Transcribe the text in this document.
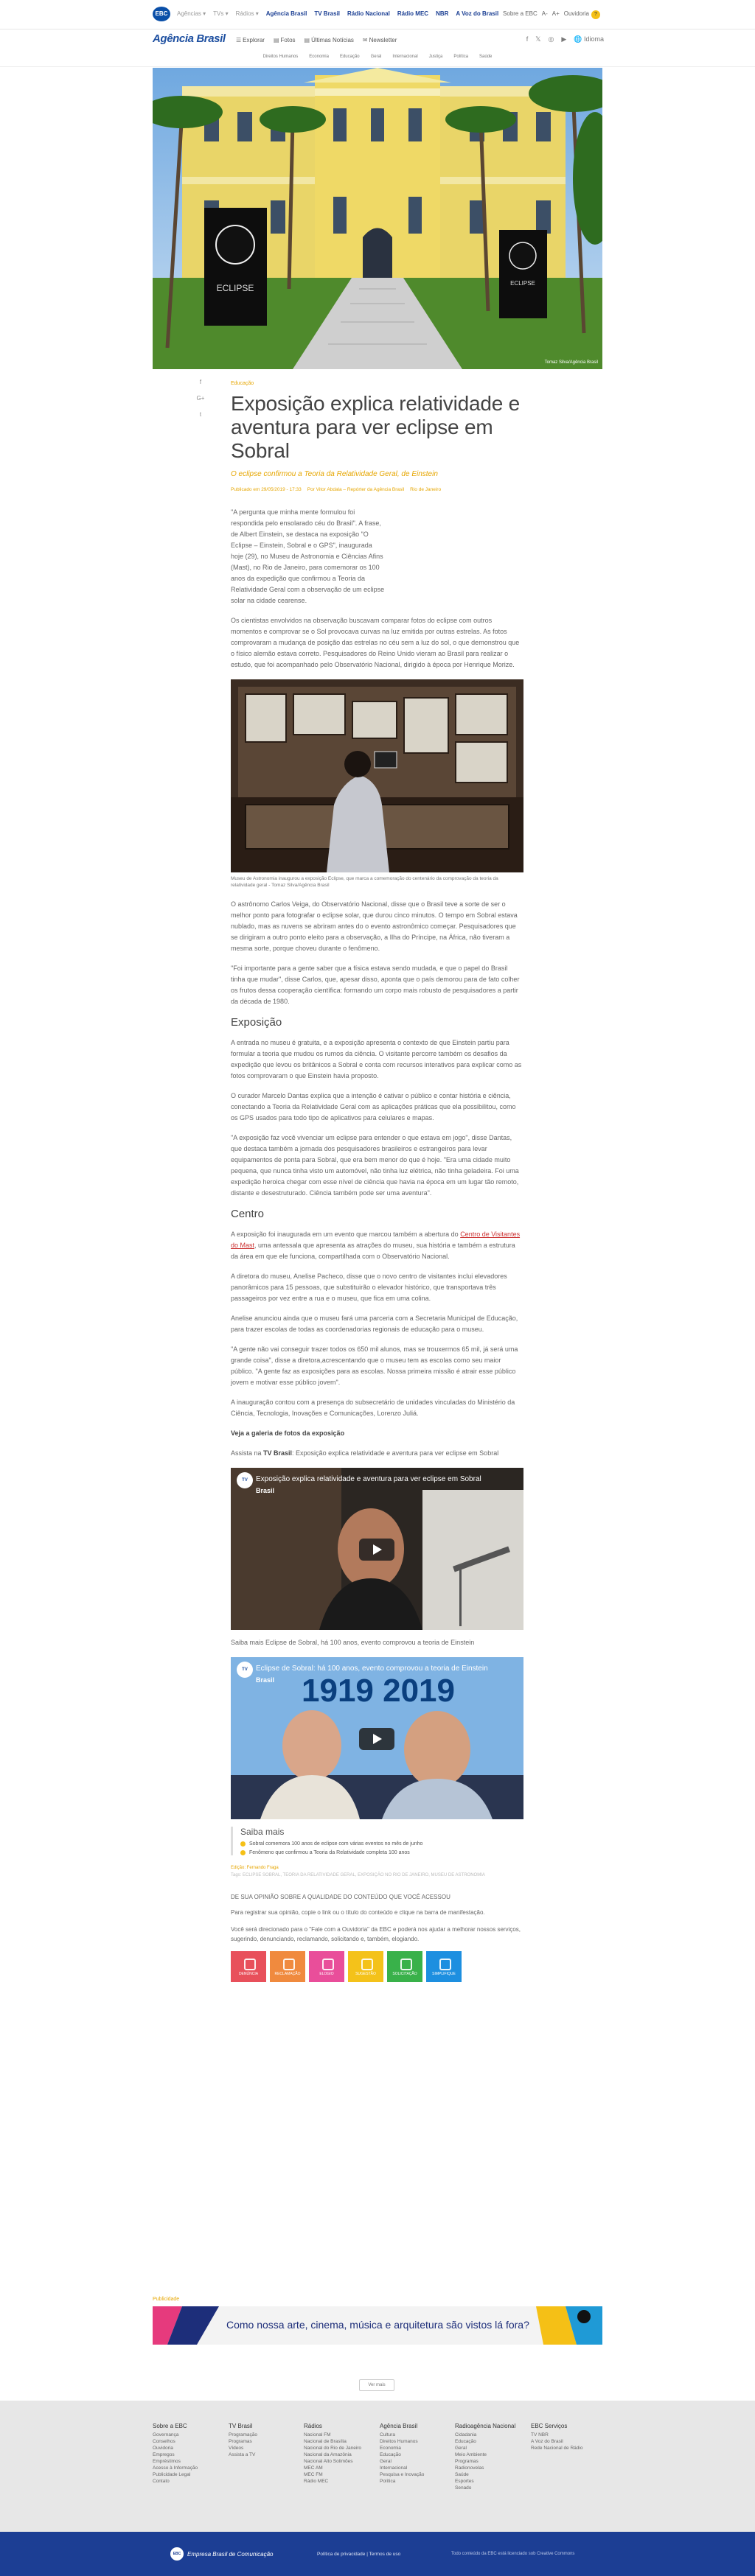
EBC	Agências ▾ TVs ▾ Rádios ▾ Agência Brasil TV Brasil Rádio Nacional Rádio MEC NBR A Voz do Brasil Sobre a EBC A- A+ Ouvidoria ?
Agência Brasil ☰ Explorar ▤ Fotos ▤ Últimas Notícias ✉ Newsletter	f 𝕏 ◎ ▶ 🌐 Idioma
Direitos Humanos	Economia	Educação	Geral	Internacional	Justiça	Política	Saúde
ECLIPSE	ECLIPSE
Tomaz Silva/Agência Brasil
f
G+
t
Educação
Exposição explica relatividade e aventura para ver eclipse em Sobral
O eclipse confirmou a Teoria da Relatividade Geral, de Einstein
Publicado em 29/05/2019 - 17:33 Por Vitor Abdala – Repórter da Agência Brasil Rio de Janeiro

"A pergunta que minha mente formulou foi respondida pelo ensolarado céu do Brasil". A frase, de Albert Einstein, se destaca na exposição "O Eclipse – Einstein, Sobral e o GPS", inaugurada hoje (29), no Museu de Astronomia e Ciências Afins (Mast), no Rio de Janeiro, para comemorar os 100 anos da expedição que confirmou a Teoria da Relatividade Geral com a observação de um eclipse solar na cidade cearense.

Os cientistas envolvidos na observação buscavam comparar fotos do eclipse com outros momentos e comprovar se o Sol provocava curvas na luz emitida por outras estrelas. As fotos comprovaram a mudança de posição das estrelas no céu sem a luz do sol, o que demonstrou que o físico alemão estava correto. Pesquisadores do Reino Unido vieram ao Brasil para realizar o estudo, que foi acompanhado pelo Observatório Nacional, dirigido à época por Henrique Morize.

Museu de Astronomia inaugurou a exposição Eclipse, que marca a comemoração do centenário da comprovação da teoria da relatividade geral - Tomaz Silva/Agência Brasil

O astrônomo Carlos Veiga, do Observatório Nacional, disse que o Brasil teve a sorte de ser o melhor ponto para fotografar o eclipse solar, que durou cinco minutos. O tempo em Sobral estava nublado, mas as nuvens se abriram antes do o evento astronômico começar. Pesquisadores que se dirigiram a outro ponto eleito para a observação, a Ilha do Príncipe, na África, não tiveram a mesma sorte, porque choveu durante o fenômeno.

"Foi importante para a gente saber que a física estava sendo mudada, e que o papel do Brasil tinha que mudar", disse Carlos, que, apesar disso, aponta que o país demorou para de fato colher os frutos dessa cooperação científica: formando um corpo mais robusto de pesquisadores a partir da década de 1980.

Exposição

A entrada no museu é gratuita, e a exposição apresenta o contexto de que Einstein partiu para formular a teoria que mudou os rumos da ciência. O visitante percorre também os desafios da expedição que levou os britânicos a Sobral e conta com recursos interativos para explicar como as fotos comprovaram o que Einstein havia proposto.

O curador Marcelo Dantas explica que a intenção é cativar o público e contar história e ciência, conectando a Teoria da Relatividade Geral com as aplicações práticas que ela possibilitou, como os GPS usados para todo tipo de aplicativos para celulares e mapas.

"A exposição faz você vivenciar um eclipse para entender o que estava em jogo", disse Dantas, que destaca também a jornada dos pesquisadores brasileiros e estrangeiros para levar equipamentos de ponta para Sobral, que era bem menor do que é hoje. "Era uma cidade muito pequena, que nunca tinha visto um automóvel, não tinha luz elétrica, não tinha geladeira. Foi uma expedição heroica chegar com esse nível de ciência que havia na época em um lugar tão remoto, distante e desestruturado. Ciência também pode ser uma aventura".

Centro

A exposição foi inaugurada em um evento que marcou também a abertura do Centro de Visitantes do Mast, uma antessala que apresenta as atrações do museu, sua história e também a estrutura da área em que ele funciona, compartilhada com o Observatório Nacional.

A diretora do museu, Anelise Pacheco, disse que o novo centro de visitantes inclui elevadores panorâmicos para 15 pessoas, que substituirão o elevador histórico, que transportava três passageiros por vez entre a rua e o museu, que fica em uma colina.

Anelise anunciou ainda que o museu fará uma parceria com a Secretaria Municipal de Educação, para trazer escolas de todas as coordenadorias regionais de educação para o museu.

"A gente não vai conseguir trazer todos os 650 mil alunos, mas se trouxermos 65 mil, já será uma grande coisa", disse a diretora,acrescentando que o museu tem as escolas como seu maior público. "A gente faz as exposições para as escolas. Nossa primeira missão é atrair esse público jovem e motivar esse público jovem".

A inauguração contou com a presença do subsecretário de unidades vinculadas do Ministério da Ciência, Tecnologia, Inovações e Comunicações, Lorenzo Juliá.

Veja a galeria de fotos da exposição

Assista na TV Brasil: Exposição explica relatividade e aventura para ver eclipse em Sobral

TV	Exposição explica relatividade e aventura para ver eclipse em Sobral
Brasil

Saiba mais Eclipse de Sobral, há 100 anos, evento comprovou a teoria de Einstein

1919 2019
TV	Eclipse de Sobral: há 100 anos, evento comprovou a teoria de Einstein
Brasil
Saiba mais
Sobral comemora 100 anos de eclipse com várias eventos no mês de junho
Fenômeno que confirmou a Teoria da Relatividade completa 100 anos
Edição: Fernando Fraga
Tags: ECLIPSE SOBRAL, TEORIA DA RELATIVIDADE GERAL, EXPOSIÇÃO NO RIO DE JANEIRO, MUSEU DE ASTRONOMIA
DE SUA OPINIÃO SOBRE A QUALIDADE DO CONTEÚDO QUE VOCÊ ACESSOU

Para registrar sua opinião, copie o link ou o título do conteúdo e clique na barra de manifestação.

Você será direcionado para o "Fale com a Ouvidoria" da EBC e poderá nos ajudar a melhorar nossos serviços, sugerindo, denunciando, reclamando, solicitando e, também, elogiando.

DENÚNCIA	RECLAMAÇÃO	ELOGIO	SUGESTÃO	SOLICITAÇÃO	SIMPLIFIQUE
Publicidade
Como nossa arte, cinema, música e arquitetura são vistos lá fora?
Ver mais
Sobre a EBC
Governança
Conselhos
Ouvidoria
Empregos
Empréstimos
Acesso à Informação
Publicidade Legal
Contato
TV Brasil
Programação
Programas
Vídeos
Assista a TV
Rádios
Nacional FM
Nacional de Brasília
Nacional do Rio de Janeiro
Nacional da Amazônia
Nacional Alto Solimões
MEC AM
MEC FM
Rádio MEC
Agência Brasil
Cultura
Direitos Humanos
Economia
Educação
Geral
Internacional
Pesquisa e Inovação
Política
Radioagência Nacional
Cidadania
Educação
Geral
Meio Ambiente
Programas
Radionovelas
Saúde
Esportes
Senado
EBC Serviços
TV NBR
A Voz do Brasil
Rede Nacional de Rádio
EBC	Empresa Brasil de Comunicação	Política de privacidade | Termos de uso	Todo conteúdo da EBC está licenciado sob Creative Commons
